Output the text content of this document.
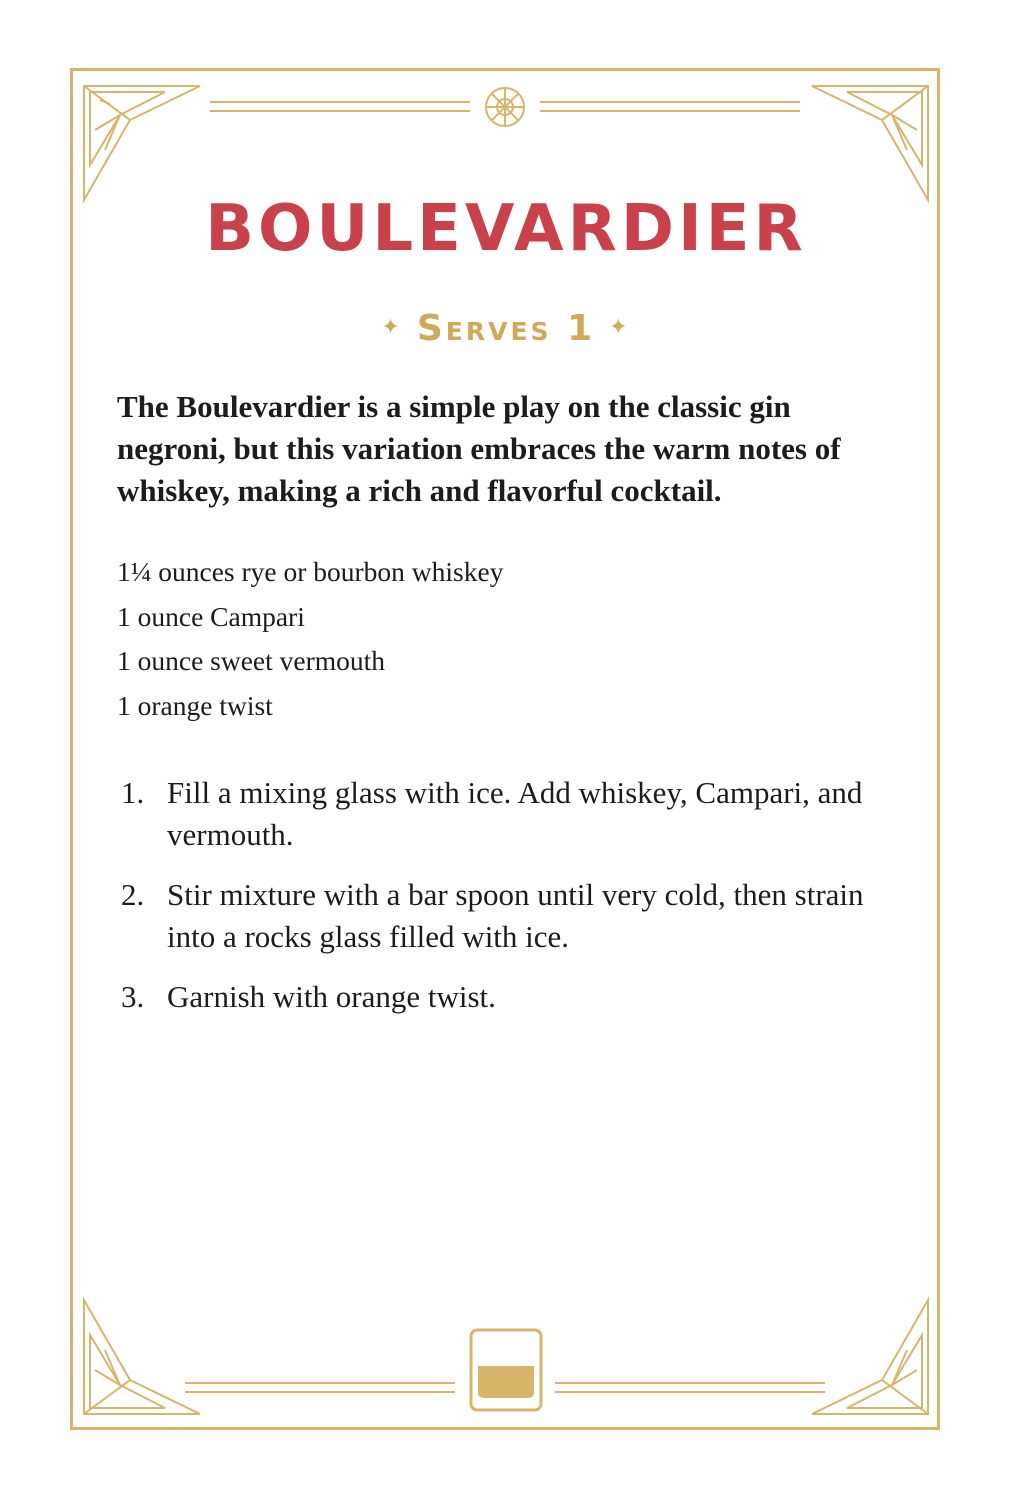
BOULEVARDIER
✦ Serves 1 ✦
The Boulevardier is a simple play on the classic gin negroni, but this variation embraces the warm notes of whiskey, making a rich and flavorful cocktail.
1¼ ounces rye or bourbon whiskey
1 ounce Campari
1 ounce sweet vermouth
1 orange twist
1. Fill a mixing glass with ice. Add whiskey, Campari, and vermouth.
2. Stir mixture with a bar spoon until very cold, then strain into a rocks glass filled with ice.
3. Garnish with orange twist.
